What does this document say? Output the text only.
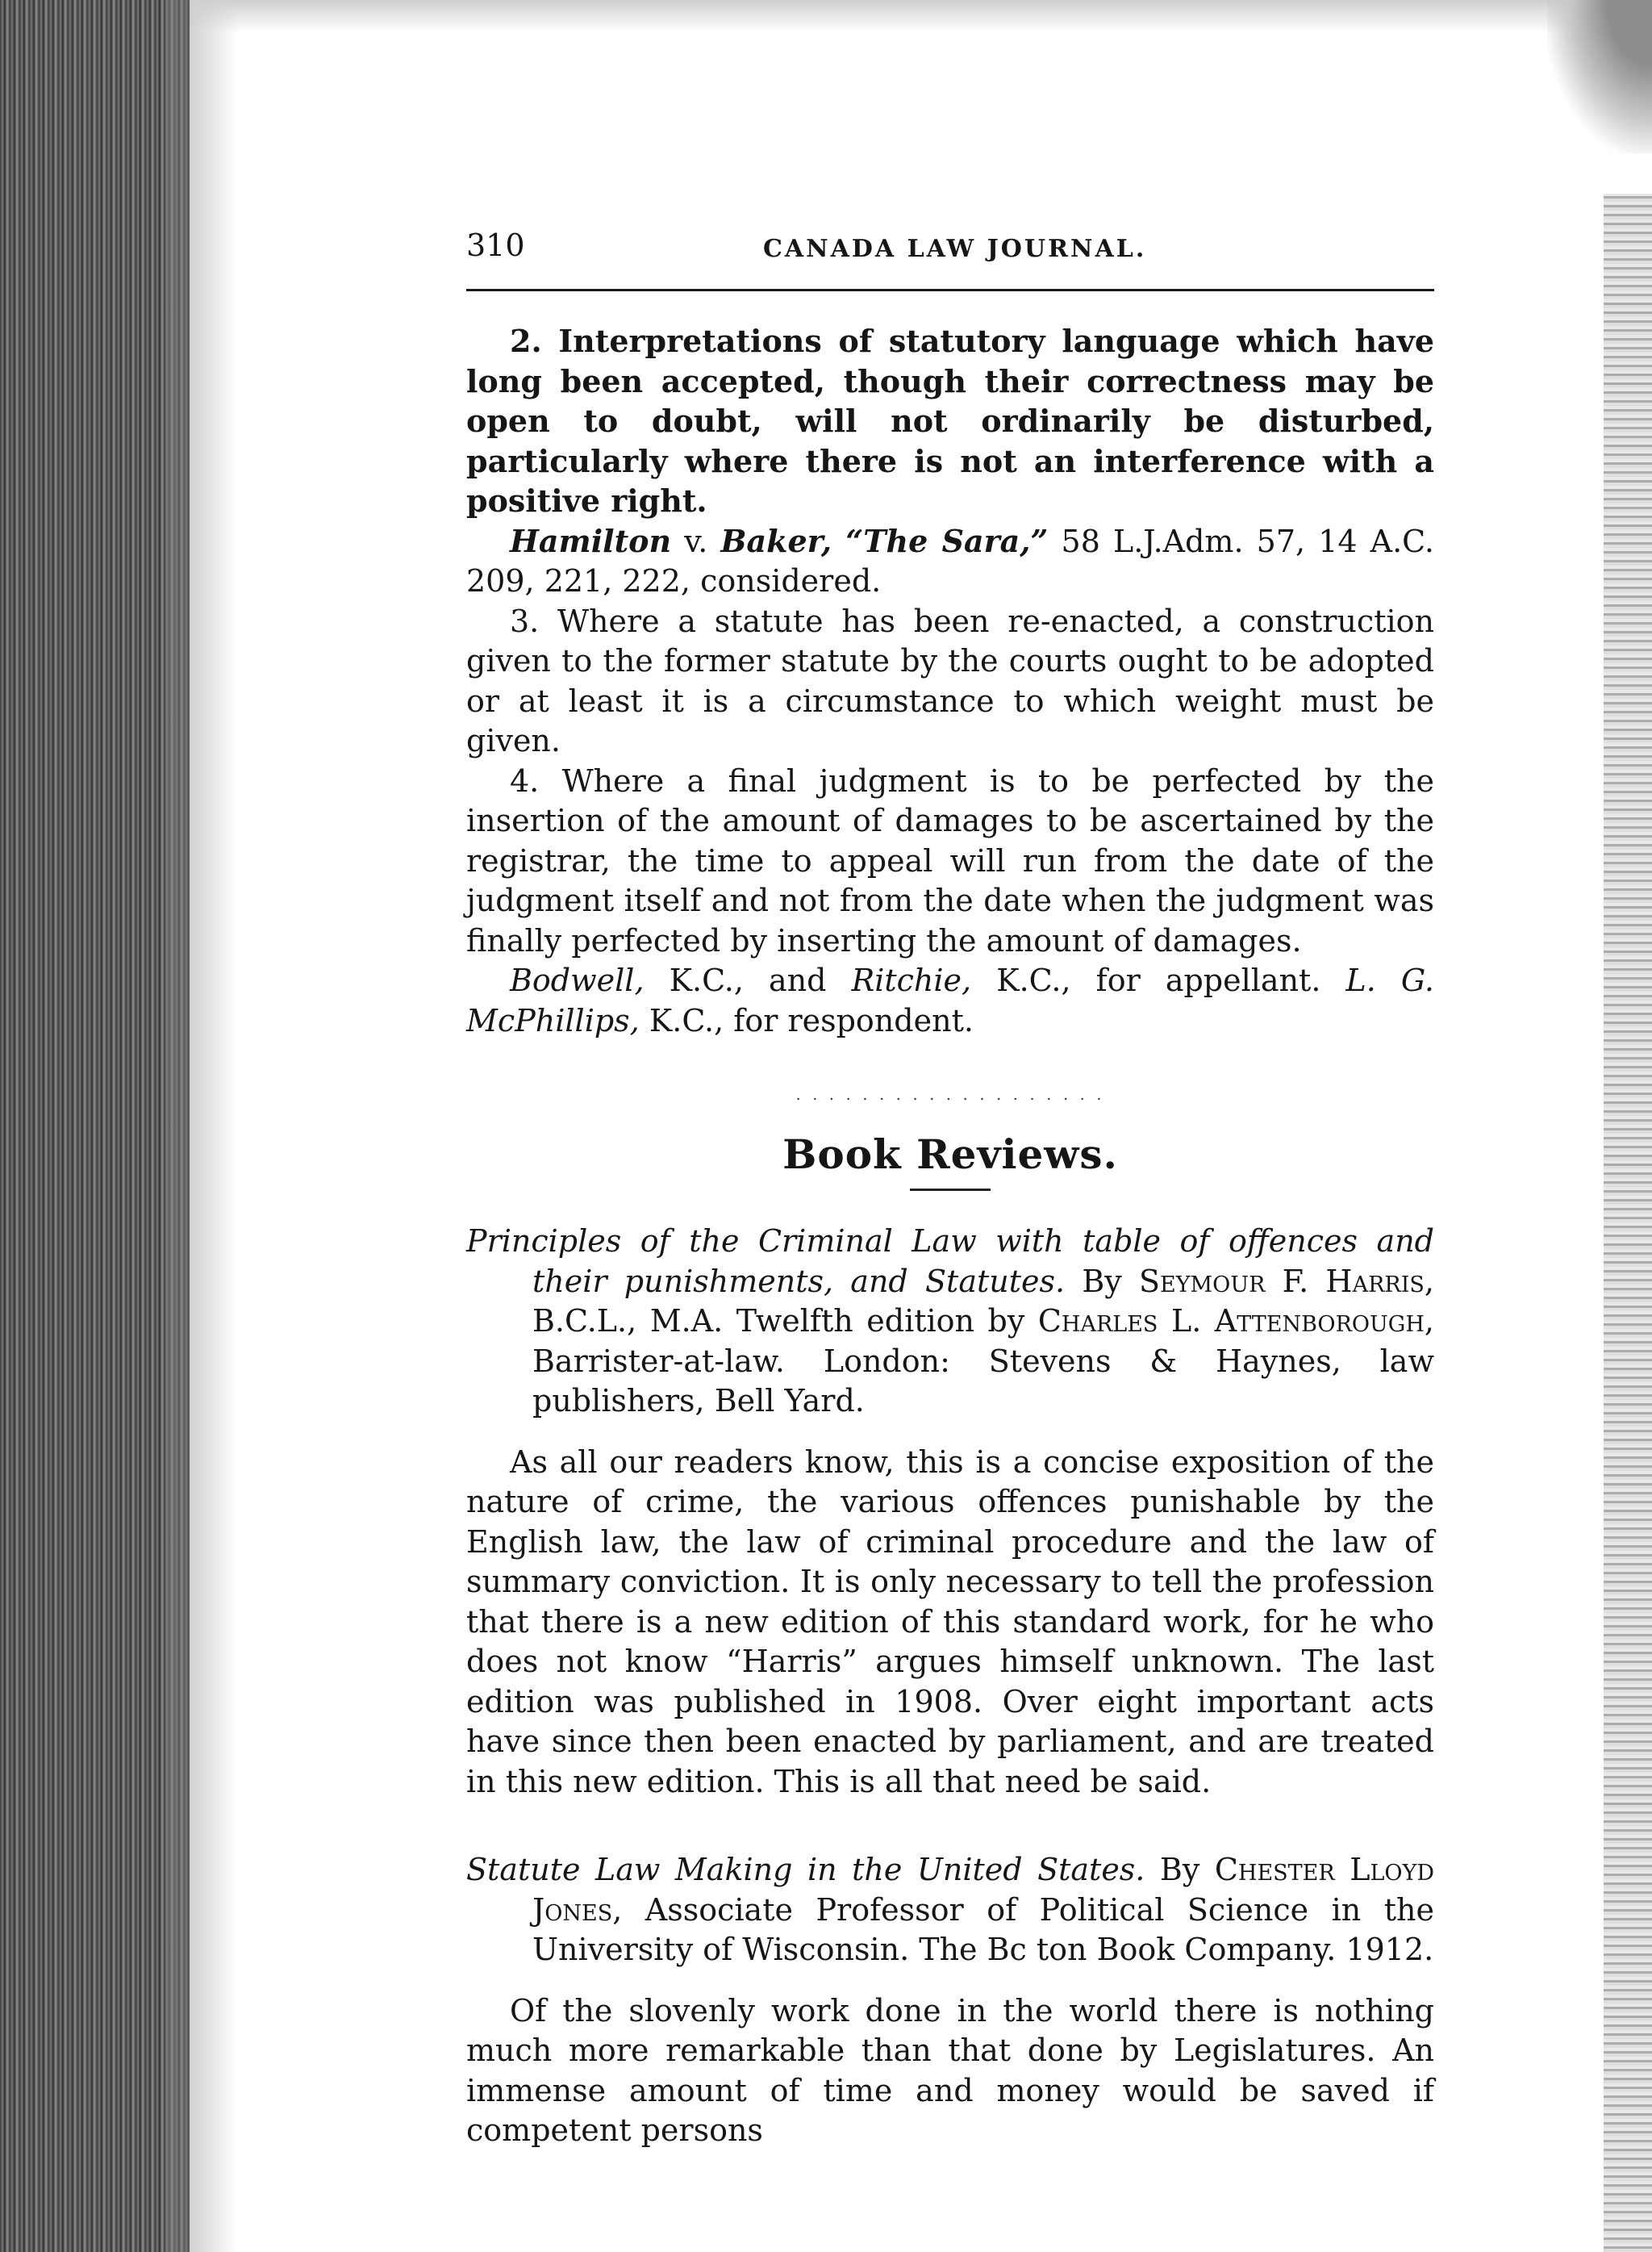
310	CANADA LAW JOURNAL.

2. Interpretations of statutory language which have long been accepted, though their correctness may be open to doubt, will not ordinarily be disturbed, particularly where there is not an interference with a positive right.

Hamilton v. Baker, “The Sara,” 58 L.J.Adm. 57, 14 A.C. 209, 221, 222, considered.

3. Where a statute has been re-enacted, a construction given to the former statute by the courts ought to be adopted or at least it is a circumstance to which weight must be given.

4. Where a final judgment is to be perfected by the insertion of the amount of damages to be ascertained by the registrar, the time to appeal will run from the date of the judgment itself and not from the date when the judgment was finally perfected by inserting the amount of damages.

Bodwell, K.C., and Ritchie, K.C., for appellant. L. G. McPhillips, K.C., for respondent.

. . . . . . . . . . . . . . . . . . .
Book Reviews.

Principles of the Criminal Law with table of offences and their punishments, and Statutes. By Seymour F. Harris, B.C.L., M.A. Twelfth edition by Charles L. Attenborough, Barrister-at-law. London: Stevens & Haynes, law publishers, Bell Yard.

As all our readers know, this is a concise exposition of the nature of crime, the various offences punishable by the English law, the law of criminal procedure and the law of summary conviction. It is only necessary to tell the profession that there is a new edition of this standard work, for he who does not know “Harris” argues himself unknown. The last edition was published in 1908. Over eight important acts have since then been enacted by parliament, and are treated in this new edition. This is all that need be said.

Statute Law Making in the United States. By Chester Lloyd Jones, Associate Professor of Political Science in the University of Wisconsin. The Bc ton Book Company. 1912.

Of the slovenly work done in the world there is nothing much more remarkable than that done by Legislatures. An immense amount of time and money would be saved if competent persons
